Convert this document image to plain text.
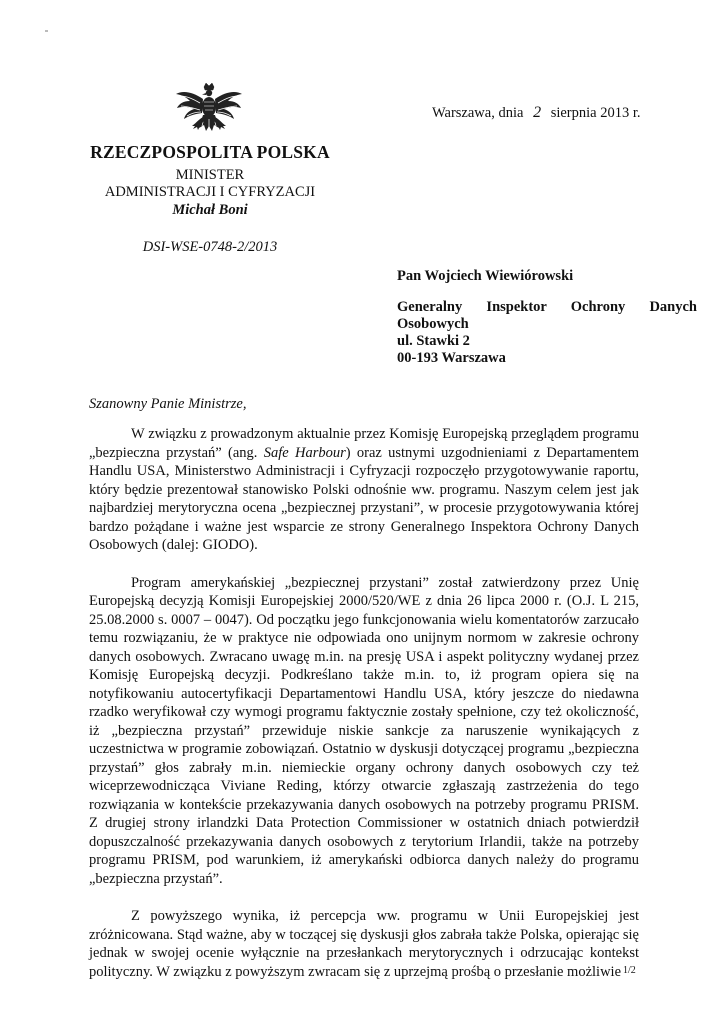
RZECZPOSPOLITA POLSKA
MINISTER
ADMINISTRACJI I CYFRYZACJI
Michał Boni
DSI-WSE-0748-2/2013
Warszawa, dnia 2 sierpnia 2013 r.
Pan Wojciech Wiewiórowski
Generalny Inspektor Ochrony Danych
Osobowych
ul. Stawki 2
00-193 Warszawa
Szanowny Panie Ministrze,

W związku z prowadzonym aktualnie przez Komisję Europejską przeglądem programu „bezpieczna przystań” (ang. Safe Harbour) oraz ustnymi uzgodnieniami z Departamentem Handlu USA, Ministerstwo Administracji i Cyfryzacji rozpoczęło przygotowywanie raportu, który będzie prezentował stanowisko Polski odnośnie ww. programu. Naszym celem jest jak najbardziej merytoryczna ocena „bezpiecznej przystani”, w procesie przygotowywania której bardzo pożądane i ważne jest wsparcie ze strony Generalnego Inspektora Ochrony Danych Osobowych (dalej: GIODO).

Program amerykańskiej „bezpiecznej przystani” został zatwierdzony przez Unię Europejską decyzją Komisji Europejskiej 2000/520/WE z dnia 26 lipca 2000 r. (O.J. L 215, 25.08.2000 s. 0007 – 0047). Od początku jego funkcjonowania wielu komentatorów zarzucało temu rozwiązaniu, że w praktyce nie odpowiada ono unijnym normom w zakresie ochrony danych osobowych. Zwracano uwagę m.in. na presję USA i aspekt polityczny wydanej przez Komisję Europejską decyzji. Podkreślano także m.in. to, iż program opiera się na notyfikowaniu autocertyfikacji Departamentowi Handlu USA, który jeszcze do niedawna rzadko weryfikował czy wymogi programu faktycznie zostały spełnione, czy też okoliczność, iż „bezpieczna przystań” przewiduje niskie sankcje za naruszenie wynikających z uczestnictwa w programie zobowiązań. Ostatnio w dyskusji dotyczącej programu „bezpieczna przystań” głos zabrały m.in. niemieckie organy ochrony danych osobowych czy też wiceprzewodnicząca Viviane Reding, którzy otwarcie zgłaszają zastrzeżenia do tego rozwiązania w kontekście przekazywania danych osobowych na potrzeby programu PRISM. Z drugiej strony irlandzki Data Protection Commissioner w ostatnich dniach potwierdził dopuszczalność przekazywania danych osobowych z terytorium Irlandii, także na potrzeby programu PRISM, pod warunkiem, iż amerykański odbiorca danych należy do programu „bezpieczna przystań”.

Z powyższego wynika, iż percepcja ww. programu w Unii Europejskiej jest zróżnicowana. Stąd ważne, aby w toczącej się dyskusji głos zabrała także Polska, opierając się jednak w swojej ocenie wyłącznie na przesłankach merytorycznych i odrzucając kontekst polityczny. W związku z powyższym zwracam się z uprzejmą prośbą o przesłanie możliwie 1/2
